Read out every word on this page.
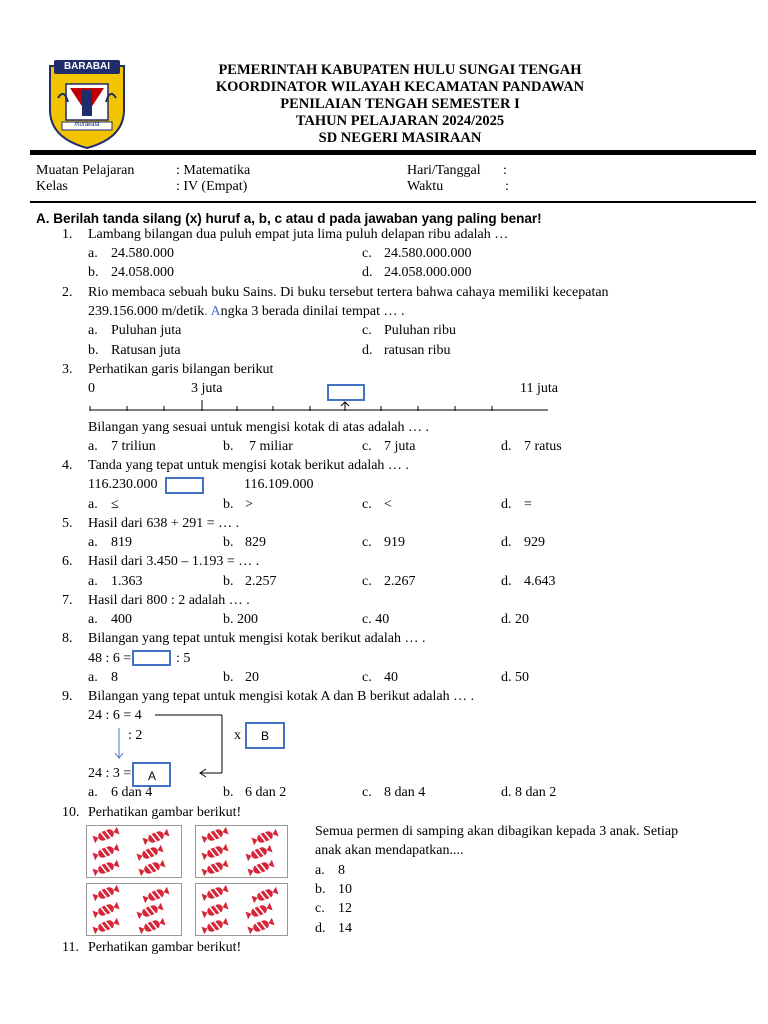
BARABAI
murakata
PEMERINTAH KABUPATEN HULU SUNGAI TENGAH
KOORDINATOR WILAYAH KECAMATAN PANDAWAN
PENILAIAN TENGAH SEMESTER I
TAHUN PELAJARAN 2024/2025
SD NEGERI MASIRAAN
Muatan Pelajaran	: Matematika	Hari/Tanggal :
Kelas	: IV (Empat)	Waktu	:
A. Berilah tanda silang (x) huruf a, b, c atau d pada jawaban yang paling benar!
1. Lambang bilangan dua puluh empat juta lima puluh delapan ribu adalah …
a. 24.580.000	c. 24.580.000.000
b. 24.058.000	d. 24.058.000.000
2. Rio membaca sebuah buku Sains. Di buku tersebut tertera bahwa cahaya memiliki kecepatan
239.156.000 m/detik. Angka 3 berada dinilai tempat … .
a. Puluhan juta	c. Puluhan ribu
b. Ratusan juta	d. ratusan ribu
3. Perhatikan garis bilangan berikut
0	3 juta	11 juta
Bilangan yang sesuai untuk mengisi kotak di atas adalah … .
a. 7 triliun	b. 7 miliar	c. 7 juta	d. 7 ratus
4. Tanda yang tepat untuk mengisi kotak berikut adalah … .
116.230.000	116.109.000
a. ≤	b. >	c. <	d. =
5. Hasil dari 638 + 291 = … .
a. 819	b. 829	c. 919	d. 929
6. Hasil dari 3.450 – 1.193 = … .
a. 1.363	b. 2.257	c. 2.267	d. 4.643
7. Hasil dari 800 : 2 adalah … .
a. 400	b. 200	c. 40	d. 20
8. Bilangan yang tepat untuk mengisi kotak berikut adalah … .
48 : 6 =	: 5
a. 8	b. 20	c. 40	d. 50
9. Bilangan yang tepat untuk mengisi kotak A dan B berikut adalah … .
24 : 6 = 4
: 2	x	B
24 : 3 =	A
a. 6 dan 4	b. 6 dan 2	c. 8 dan 4	d. 8 dan 2
10. Perhatikan gambar berikut!
Semua permen di samping akan dibagikan kepada 3 anak. Setiap
anak akan mendapatkan....
a. 8
b. 10
c. 12
d. 14
11. Perhatikan gambar berikut!
